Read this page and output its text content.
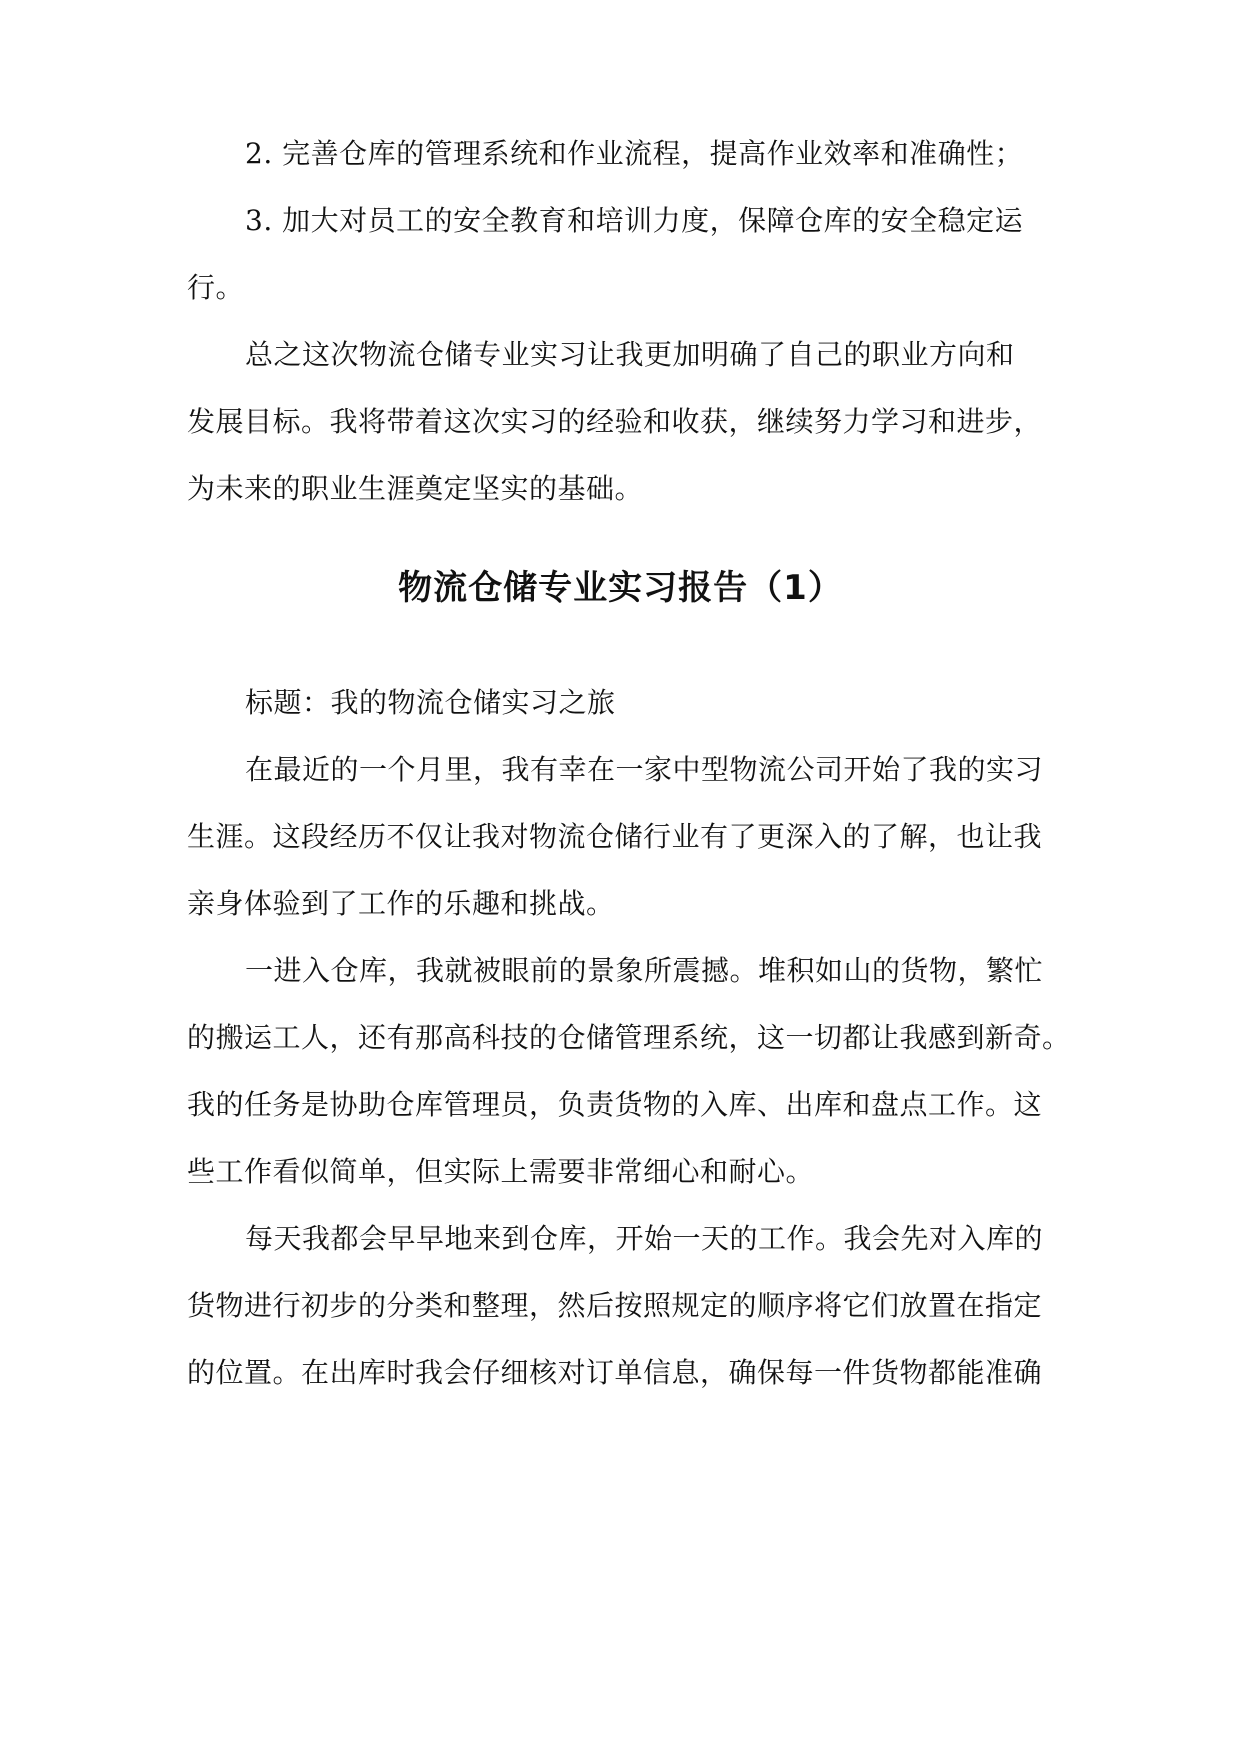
2. 完善仓库的管理系统和作业流程，提高作业效率和准确性；
3. 加大对员工的安全教育和培训力度，保障仓库的安全稳定运
行。
总之这次物流仓储专业实习让我更加明确了自己的职业方向和
发展目标。我将带着这次实习的经验和收获，继续努力学习和进步，
为未来的职业生涯奠定坚实的基础。
物流仓储专业实习报告（1）
标题：我的物流仓储实习之旅
在最近的一个月里，我有幸在一家中型物流公司开始了我的实习
生涯。这段经历不仅让我对物流仓储行业有了更深入的了解，也让我
亲身体验到了工作的乐趣和挑战。
一进入仓库，我就被眼前的景象所震撼。堆积如山的货物，繁忙
的搬运工人，还有那高科技的仓储管理系统，这一切都让我感到新奇。
我的任务是协助仓库管理员，负责货物的入库、出库和盘点工作。这
些工作看似简单，但实际上需要非常细心和耐心。
每天我都会早早地来到仓库，开始一天的工作。我会先对入库的
货物进行初步的分类和整理，然后按照规定的顺序将它们放置在指定
的位置。在出库时我会仔细核对订单信息，确保每一件货物都能准确
